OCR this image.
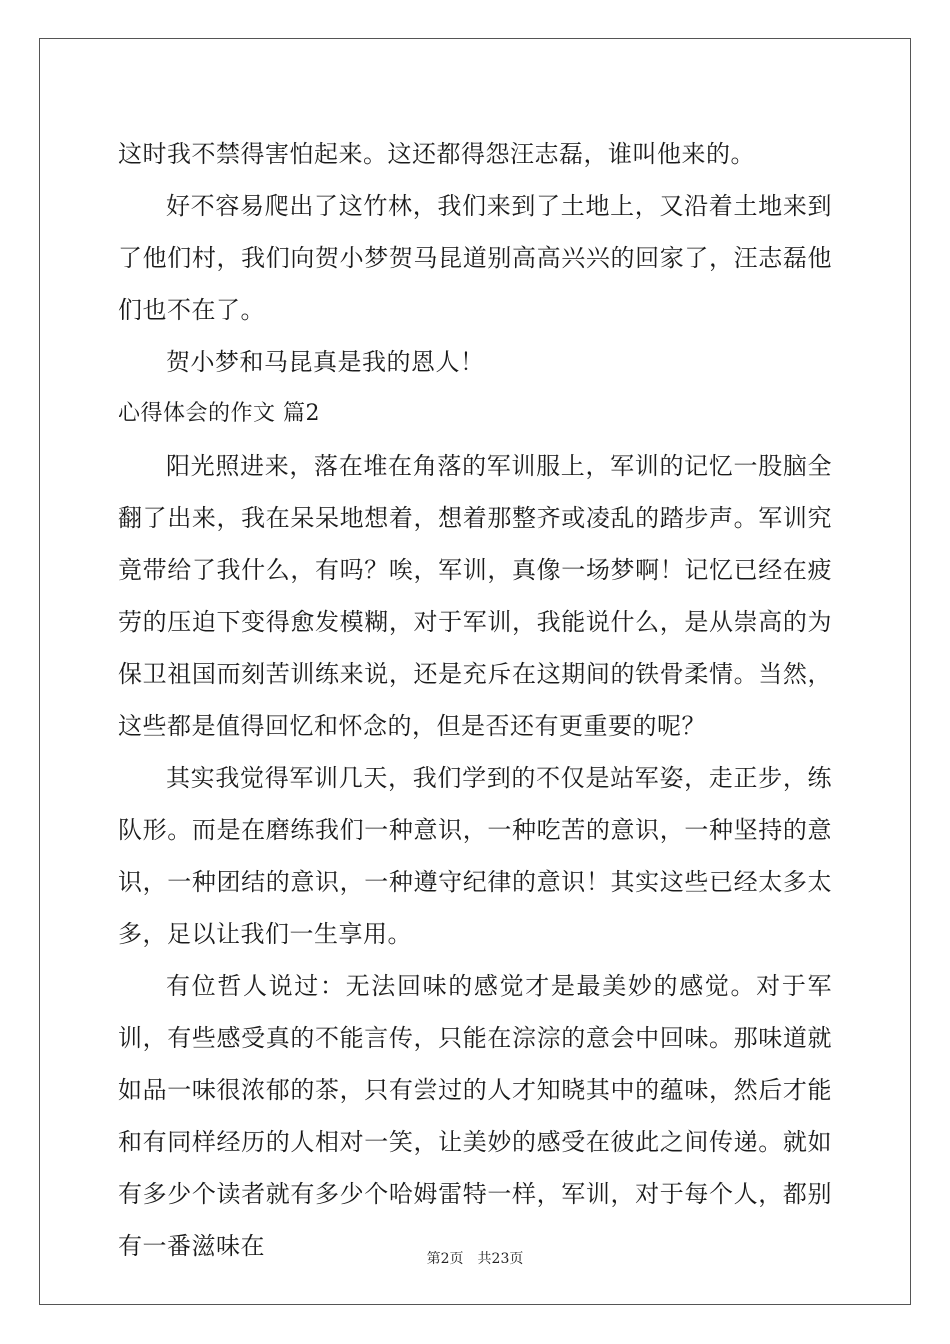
这时我不禁得害怕起来。这还都得怨汪志磊，谁叫他来的。

好不容易爬出了这竹林，我们来到了土地上，又沿着土地来到了他们村，我们向贺小梦贺马昆道别高高兴兴的回家了，汪志磊他们也不在了。

贺小梦和马昆真是我的恩人！

心得体会的作文 篇2

阳光照进来，落在堆在角落的军训服上，军训的记忆一股脑全翻了出来，我在呆呆地想着，想着那整齐或凌乱的踏步声。军训究竟带给了我什么，有吗？唉，军训，真像一场梦啊！记忆已经在疲劳的压迫下变得愈发模糊，对于军训，我能说什么，是从崇高的为保卫祖国而刻苦训练来说，还是充斥在这期间的铁骨柔情。当然，这些都是值得回忆和怀念的，但是否还有更重要的呢？

其实我觉得军训几天，我们学到的不仅是站军姿，走正步，练队形。而是在磨练我们一种意识，一种吃苦的意识，一种坚持的意识，一种团结的意识，一种遵守纪律的意识！其实这些已经太多太多，足以让我们一生享用。

有位哲人说过：无法回味的感觉才是最美妙的感觉。对于军训，有些感受真的不能言传，只能在淙淙的意会中回味。那味道就如品一味很浓郁的茶，只有尝过的人才知晓其中的蕴味，然后才能和有同样经历的人相对一笑，让美妙的感受在彼此之间传递。就如有多少个读者就有多少个哈姆雷特一样，军训，对于每个人，都别有一番滋味在	第2页 共23页
